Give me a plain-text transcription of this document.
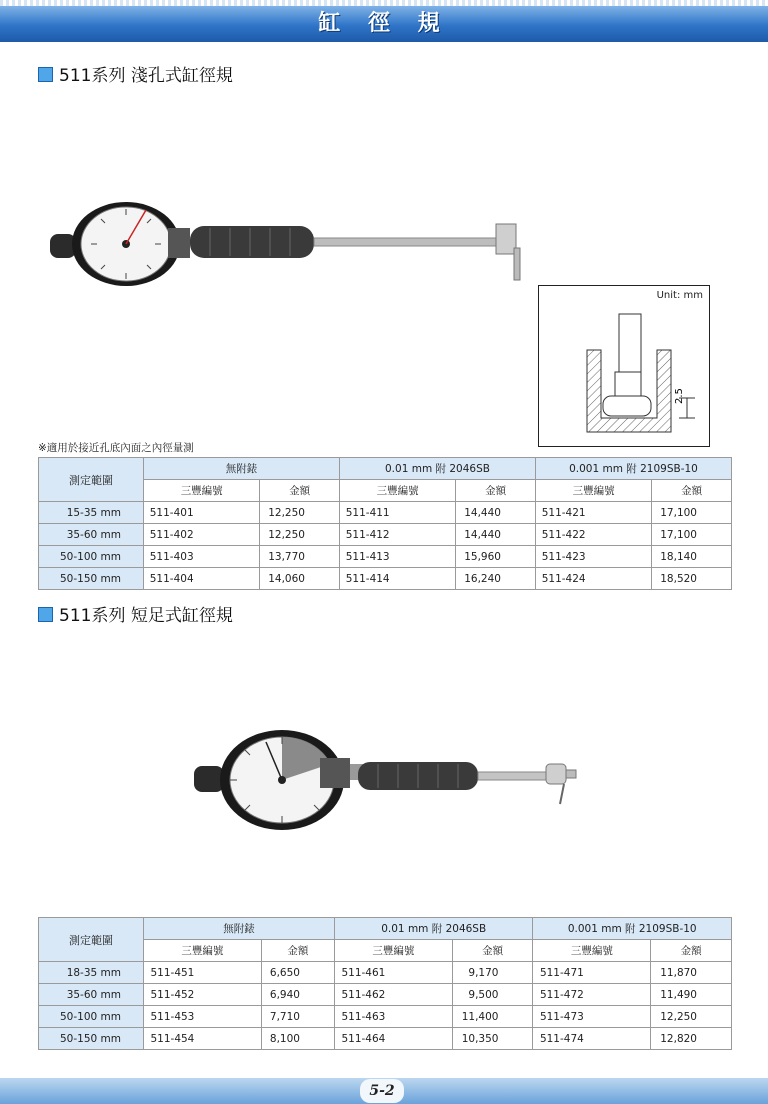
缸 徑 規
511系列 淺孔式缸徑規
Unit: mm
2.5
※適用於接近孔底內面之內徑量測
測定範圍	無附錶		0.01 mm 附 2046SB		0.001 mm 附 2109SB-10	
	三豐編號	金額	三豐編號	金額	三豐編號	金額
15-35 mm	511-401	12,250	511-411	14,440	511-421	17,100
35-60 mm	511-402	12,250	511-412	14,440	511-422	17,100
50-100 mm	511-403	13,770	511-413	15,960	511-423	18,140
50-150 mm	511-404	14,060	511-414	16,240	511-424	18,520
511系列 短足式缸徑規
測定範圍	無附錶		0.01 mm 附 2046SB		0.001 mm 附 2109SB-10	
	三豐編號	金額	三豐編號	金額	三豐編號	金額
18-35 mm	511-451	6,650	511-461	9,170	511-471	11,870
35-60 mm	511-452	6,940	511-462	9,500	511-472	11,490
50-100 mm	511-453	7,710	511-463	11,400	511-473	12,250
50-150 mm	511-454	8,100	511-464	10,350	511-474	12,820
5-2
